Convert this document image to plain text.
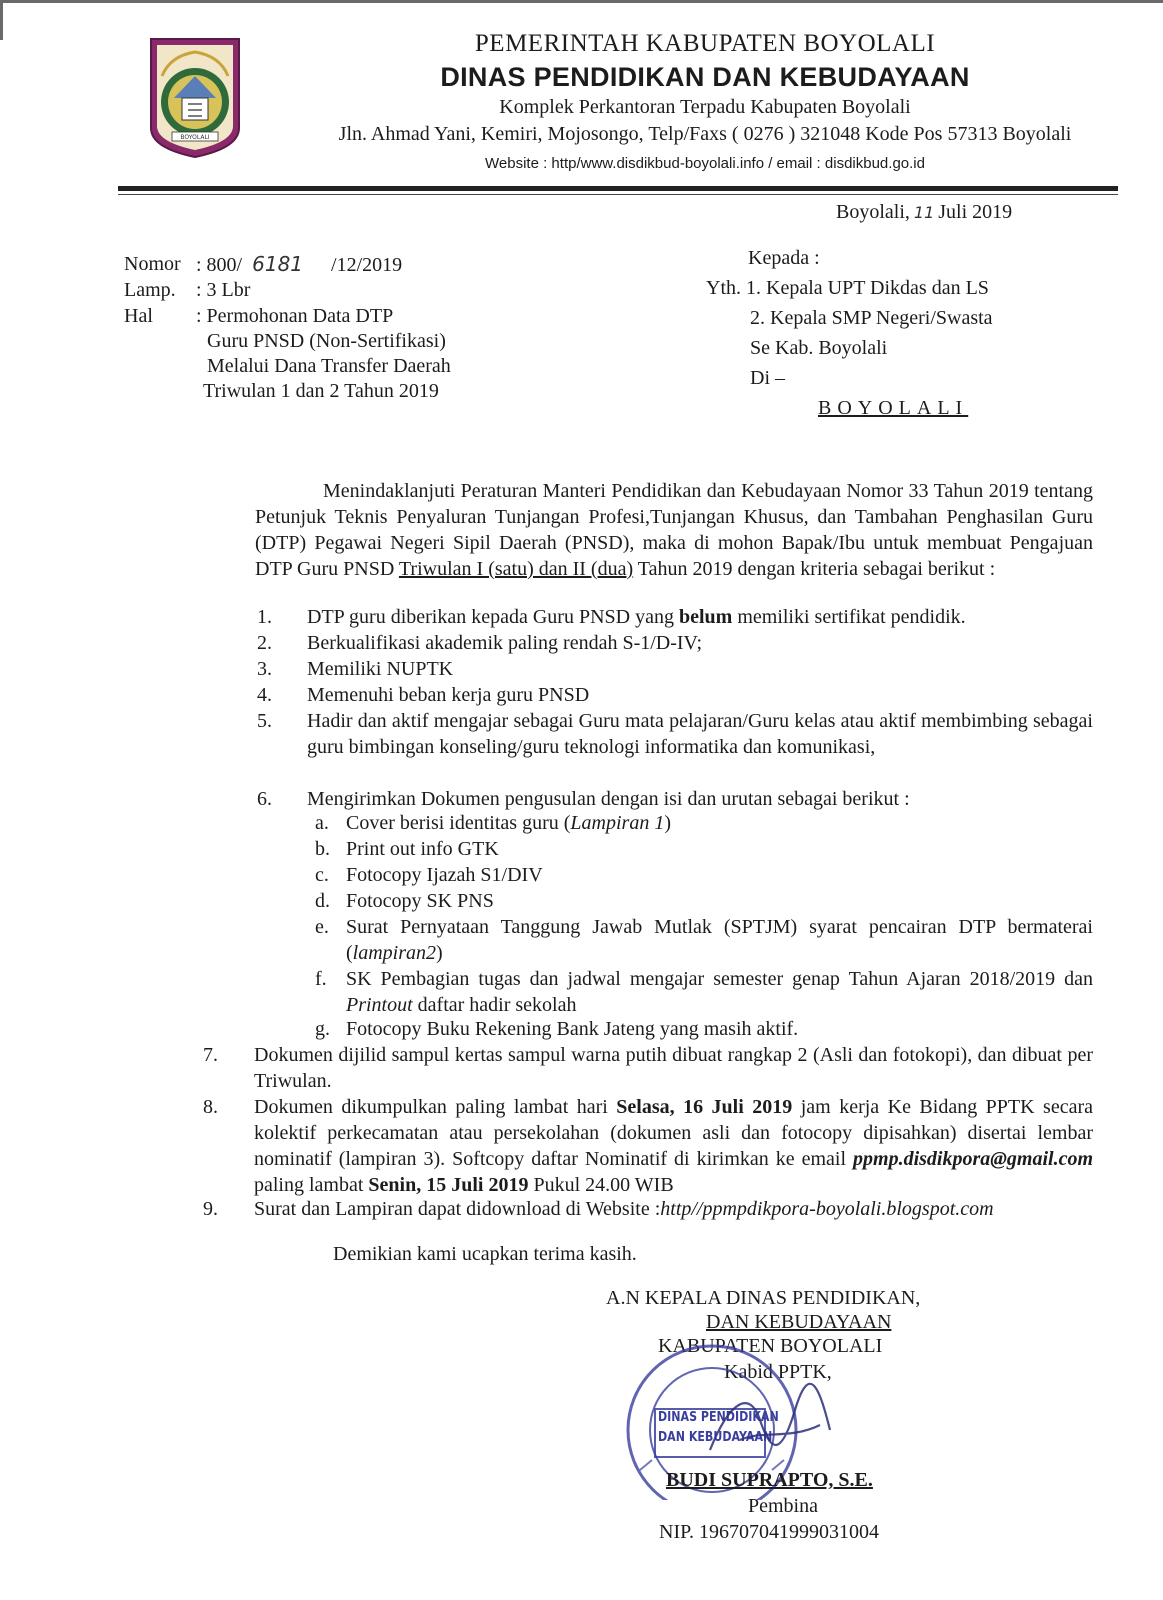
BOYOLALI
PEMERINTAH KABUPATEN BOYOLALI
DINAS PENDIDIKAN DAN KEBUDAYAAN
Komplek Perkantoran Terpadu Kabupaten Boyolali
Jln. Ahmad Yani, Kemiri, Mojosongo, Telp/Faxs ( 0276 ) 321048 Kode Pos 57313 Boyolali
Website : http/www.disdikbud-boyolali.info / email : disdikbud.go.id
Boyolali, 11 Juli 2019
Nomor : 800/ 6181 /12/2019
Lamp. : 3 Lbr
Hal : Permohonan Data DTP
Guru PNSD (Non-Sertifikasi)
Melalui Dana Transfer Daerah
Triwulan 1 dan 2 Tahun 2019
Kepada :
Yth. 1. Kepala UPT Dikdas dan LS
2. Kepala SMP Negeri/Swasta
Se Kab. Boyolali
Di –
BOYOLALI
Menindaklanjuti Peraturan Manteri Pendidikan dan Kebudayaan Nomor 33 Tahun 2019 tentang Petunjuk Teknis Penyaluran Tunjangan Profesi,Tunjangan Khusus, dan Tambahan Penghasilan Guru (DTP) Pegawai Negeri Sipil Daerah (PNSD), maka di mohon Bapak/Ibu untuk membuat Pengajuan DTP Guru PNSD Triwulan I (satu) dan II (dua) Tahun 2019 dengan kriteria sebagai berikut :
1. DTP guru diberikan kepada Guru PNSD yang belum memiliki sertifikat pendidik.
2. Berkualifikasi akademik paling rendah S-1/D-IV;
3. Memiliki NUPTK
4. Memenuhi beban kerja guru PNSD
5. Hadir dan aktif mengajar sebagai Guru mata pelajaran/Guru kelas atau aktif membimbing sebagai guru bimbingan konseling/guru teknologi informatika dan komunikasi,
6. Mengirimkan Dokumen pengusulan dengan isi dan urutan sebagai berikut :
a. Cover berisi identitas guru (Lampiran 1)
b. Print out info GTK
c. Fotocopy Ijazah S1/DIV
d. Fotocopy SK PNS
e. Surat Pernyataan Tanggung Jawab Mutlak (SPTJM) syarat pencairan DTP bermaterai (lampiran2)
f. SK Pembagian tugas dan jadwal mengajar semester genap Tahun Ajaran 2018/2019 dan Printout daftar hadir sekolah
g. Fotocopy Buku Rekening Bank Jateng yang masih aktif.
7. Dokumen dijilid sampul kertas sampul warna putih dibuat rangkap 2 (Asli dan fotokopi), dan dibuat per Triwulan.
8. Dokumen dikumpulkan paling lambat hari Selasa, 16 Juli 2019 jam kerja Ke Bidang PPTK secara kolektif perkecamatan atau persekolahan (dokumen asli dan fotocopy dipisahkan) disertai lembar nominatif (lampiran 3). Softcopy daftar Nominatif di kirimkan ke email ppmp.disdikpora@gmail.com paling lambat Senin, 15 Juli 2019 Pukul 24.00 WIB
9. Surat dan Lampiran dapat didownload di Website :http//ppmpdikpora-boyolali.blogspot.com
Demikian kami ucapkan terima kasih.
A.N KEPALA DINAS PENDIDIKAN,
DAN KEBUDAYAAN
KABUPATEN BOYOLALI
Kabid PPTK,
DINAS PENDIDIKAN
DAN KEBUDAYAAN
BUDI SUPRAPTO, S.E.
Pembina
NIP. 196707041999031004
